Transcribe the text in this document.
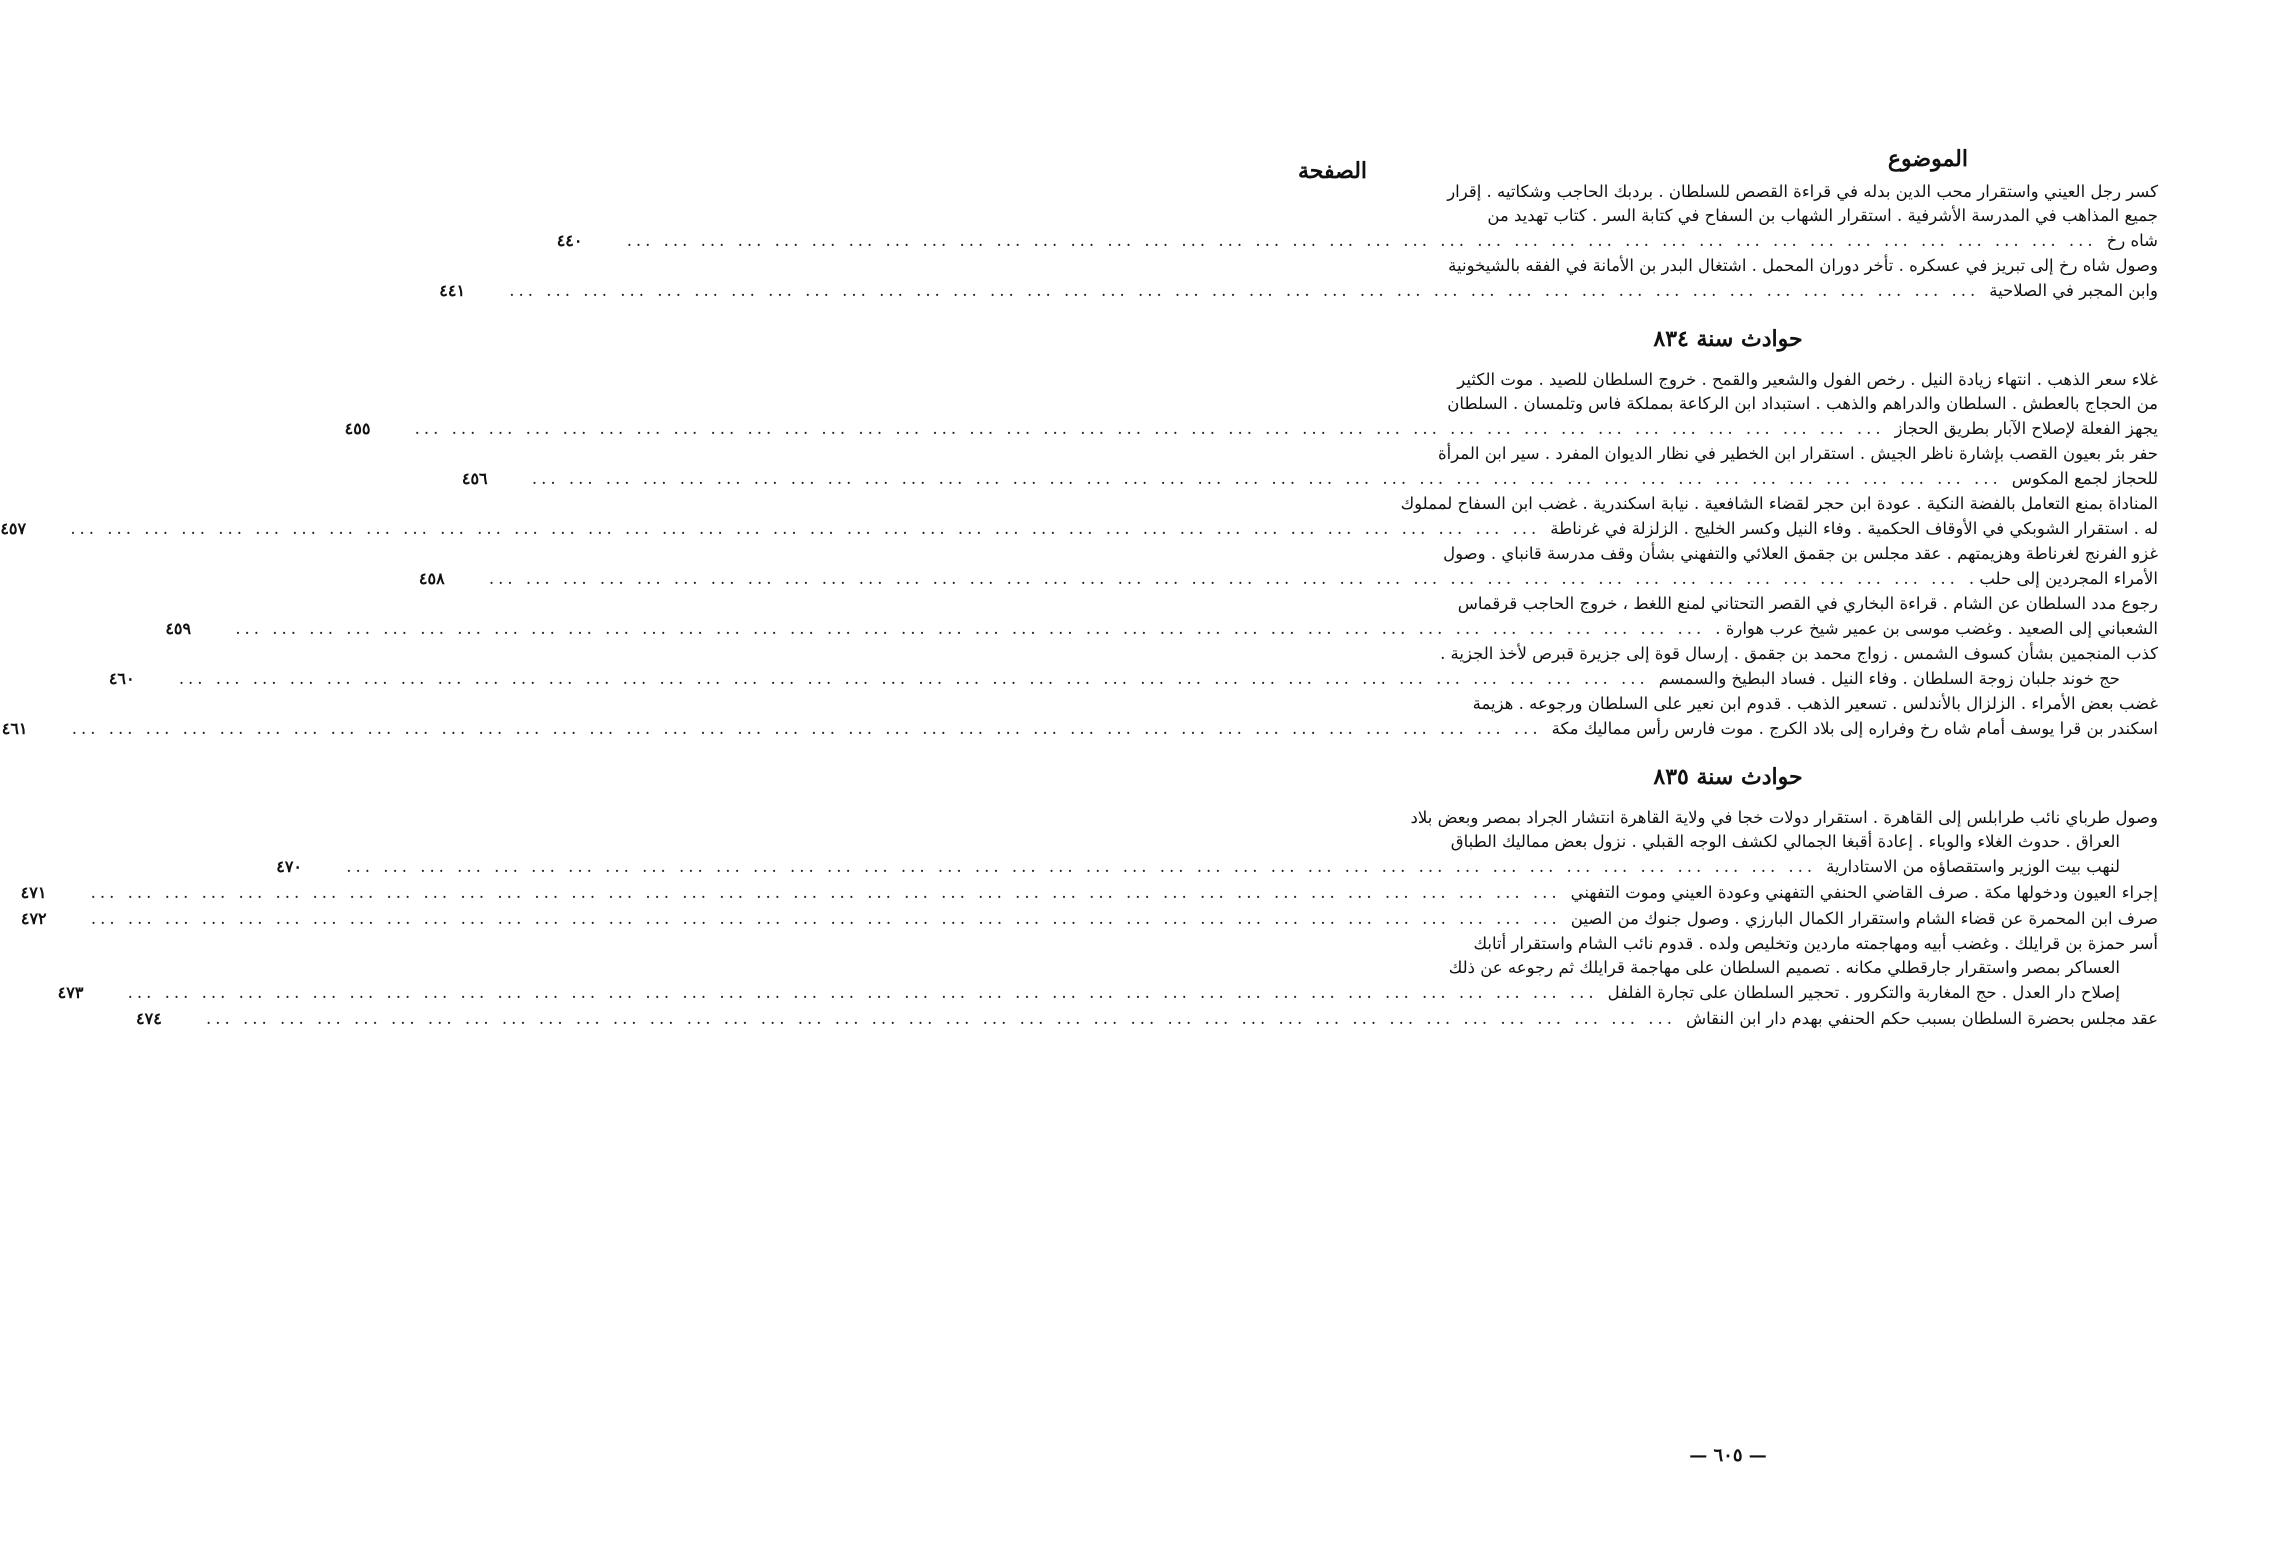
الموضوع
الصفحة
كسر رجل العيني واستقرار محب الدين بدله في قراءة القصص للسلطان . بردبك الحاجب وشكاتيه . إقرار
جميع المذاهب في المدرسة الأشرفية . استقرار الشهاب بن السفاح في كتابة السر . كتاب تهديد من
شاه رخ
... ... ... ... ... ... ... ... ... ... ... ... ... ... ... ... ... ... ... ... ... ... ... ... ... ... ... ... ... ... ... ... ... ... ... ... ... ... ... ...
٤٤٠
وصول شاه رخ إلى تبريز في عسكره . تأخر دوران المحمل . اشتغال البدر بن الأمانة في الفقه بالشيخونية
وابن المجبر في الصلاحية
... ... ... ... ... ... ... ... ... ... ... ... ... ... ... ... ... ... ... ... ... ... ... ... ... ... ... ... ... ... ... ... ... ... ... ... ... ... ... ...
٤٤١
حوادث سنة ٨٣٤
غلاء سعر الذهب . انتهاء زيادة النيل . رخص الفول والشعير والقمح . خروج السلطان للصيد . موت الكثير
من الحجاج بالعطش . السلطان والدراهم والذهب . استبداد ابن الركاعة بمملكة فاس وتلمسان . السلطان
يجهز الفعلة لإصلاح الآبار بطريق الحجاز
... ... ... ... ... ... ... ... ... ... ... ... ... ... ... ... ... ... ... ... ... ... ... ... ... ... ... ... ... ... ... ... ... ... ... ... ... ... ... ...
٤٥٥
حفر بئر بعيون القصب بإشارة ناظر الجيش . استقرار ابن الخطير في نظار الديوان المفرد . سير ابن المرأة
للحجاز لجمع المكوس
... ... ... ... ... ... ... ... ... ... ... ... ... ... ... ... ... ... ... ... ... ... ... ... ... ... ... ... ... ... ... ... ... ... ... ... ... ... ... ...
٤٥٦
المناداة بمنع التعامل بالفضة النكية . عودة ابن حجر لقضاء الشافعية . نيابة اسكندرية . غضب ابن السفاح لمملوك
له . استقرار الشوبكي في الأوقاف الحكمية . وفاء النيل وكسر الخليج . الزلزلة في غرناطة
... ... ... ... ... ... ... ... ... ... ... ... ... ... ... ... ... ... ... ... ... ... ... ... ... ... ... ... ... ... ... ... ... ... ... ... ... ... ... ...
٤٥٧
غزو الفرنج لغرناطة وهزيمتهم . عقد مجلس بن جقمق العلائي والتفهني بشأن وقف مدرسة قانباي . وصول
الأمراء المجردين إلى حلب .
... ... ... ... ... ... ... ... ... ... ... ... ... ... ... ... ... ... ... ... ... ... ... ... ... ... ... ... ... ... ... ... ... ... ... ... ... ... ... ...
٤٥٨
رجوع مدد السلطان عن الشام . قراءة البخاري في القصر التحتاني لمنع اللغط ، خروج الحاجب قرقماس
الشعباني إلى الصعيد . وغضب موسى بن عمير شيخ عرب هوارة .
... ... ... ... ... ... ... ... ... ... ... ... ... ... ... ... ... ... ... ... ... ... ... ... ... ... ... ... ... ... ... ... ... ... ... ... ... ... ... ...
٤٥٩
كذب المنجمين بشأن كسوف الشمس . زواج محمد بن جقمق . إرسال قوة إلى جزيرة قبرص لأخذ الجزية .
حج خوند جلبان زوجة السلطان . وفاء النيل . فساد البطيخ والسمسم
... ... ... ... ... ... ... ... ... ... ... ... ... ... ... ... ... ... ... ... ... ... ... ... ... ... ... ... ... ... ... ... ... ... ... ... ... ... ... ...
٤٦٠
غضب بعض الأمراء . الزلزال بالأندلس . تسعير الذهب . قدوم ابن نعير على السلطان ورجوعه . هزيمة
اسكندر بن قرا يوسف أمام شاه رخ وفراره إلى بلاد الكرج . موت فارس رأس مماليك مكة
... ... ... ... ... ... ... ... ... ... ... ... ... ... ... ... ... ... ... ... ... ... ... ... ... ... ... ... ... ... ... ... ... ... ... ... ... ... ... ...
٤٦١
حوادث سنة ٨٣٥
وصول طرباي نائب طرابلس إلى القاهرة . استقرار دولات خجا في ولاية القاهرة انتشار الجراد بمصر وبعض بلاد
العراق . حدوث الغلاء والوباء . إعادة أقبغا الجمالي لكشف الوجه القبلي . نزول بعض مماليك الطباق
لنهب بيت الوزير واستقصاؤه من الاستادارية
... ... ... ... ... ... ... ... ... ... ... ... ... ... ... ... ... ... ... ... ... ... ... ... ... ... ... ... ... ... ... ... ... ... ... ... ... ... ... ...
٤٧٠
إجراء العيون ودخولها مكة . صرف القاضي الحنفي التفهني وعودة العيني وموت التفهني
... ... ... ... ... ... ... ... ... ... ... ... ... ... ... ... ... ... ... ... ... ... ... ... ... ... ... ... ... ... ... ... ... ... ... ... ... ... ... ...
٤٧١
صرف ابن المحمرة عن قضاء الشام واستقرار الكمال البارزي . وصول جنوك من الصين
... ... ... ... ... ... ... ... ... ... ... ... ... ... ... ... ... ... ... ... ... ... ... ... ... ... ... ... ... ... ... ... ... ... ... ... ... ... ... ...
٤٧٢
أسر حمزة بن قرايلك . وغضب أبيه ومهاجمته ماردين وتخليص ولده . قدوم نائب الشام واستقرار أتابك
العساكر بمصر واستقرار جارقطلي مكانه . تصميم السلطان على مهاجمة قرايلك ثم رجوعه عن ذلك
إصلاح دار العدل . حج المغاربة والتكرور . تحجير السلطان على تجارة الفلفل
... ... ... ... ... ... ... ... ... ... ... ... ... ... ... ... ... ... ... ... ... ... ... ... ... ... ... ... ... ... ... ... ... ... ... ... ... ... ... ...
٤٧٣
عقد مجلس بحضرة السلطان بسبب حكم الحنفي بهدم دار ابن النقاش
... ... ... ... ... ... ... ... ... ... ... ... ... ... ... ... ... ... ... ... ... ... ... ... ... ... ... ... ... ... ... ... ... ... ... ... ... ... ... ...
٤٧٤
— ٦٠٥ —
